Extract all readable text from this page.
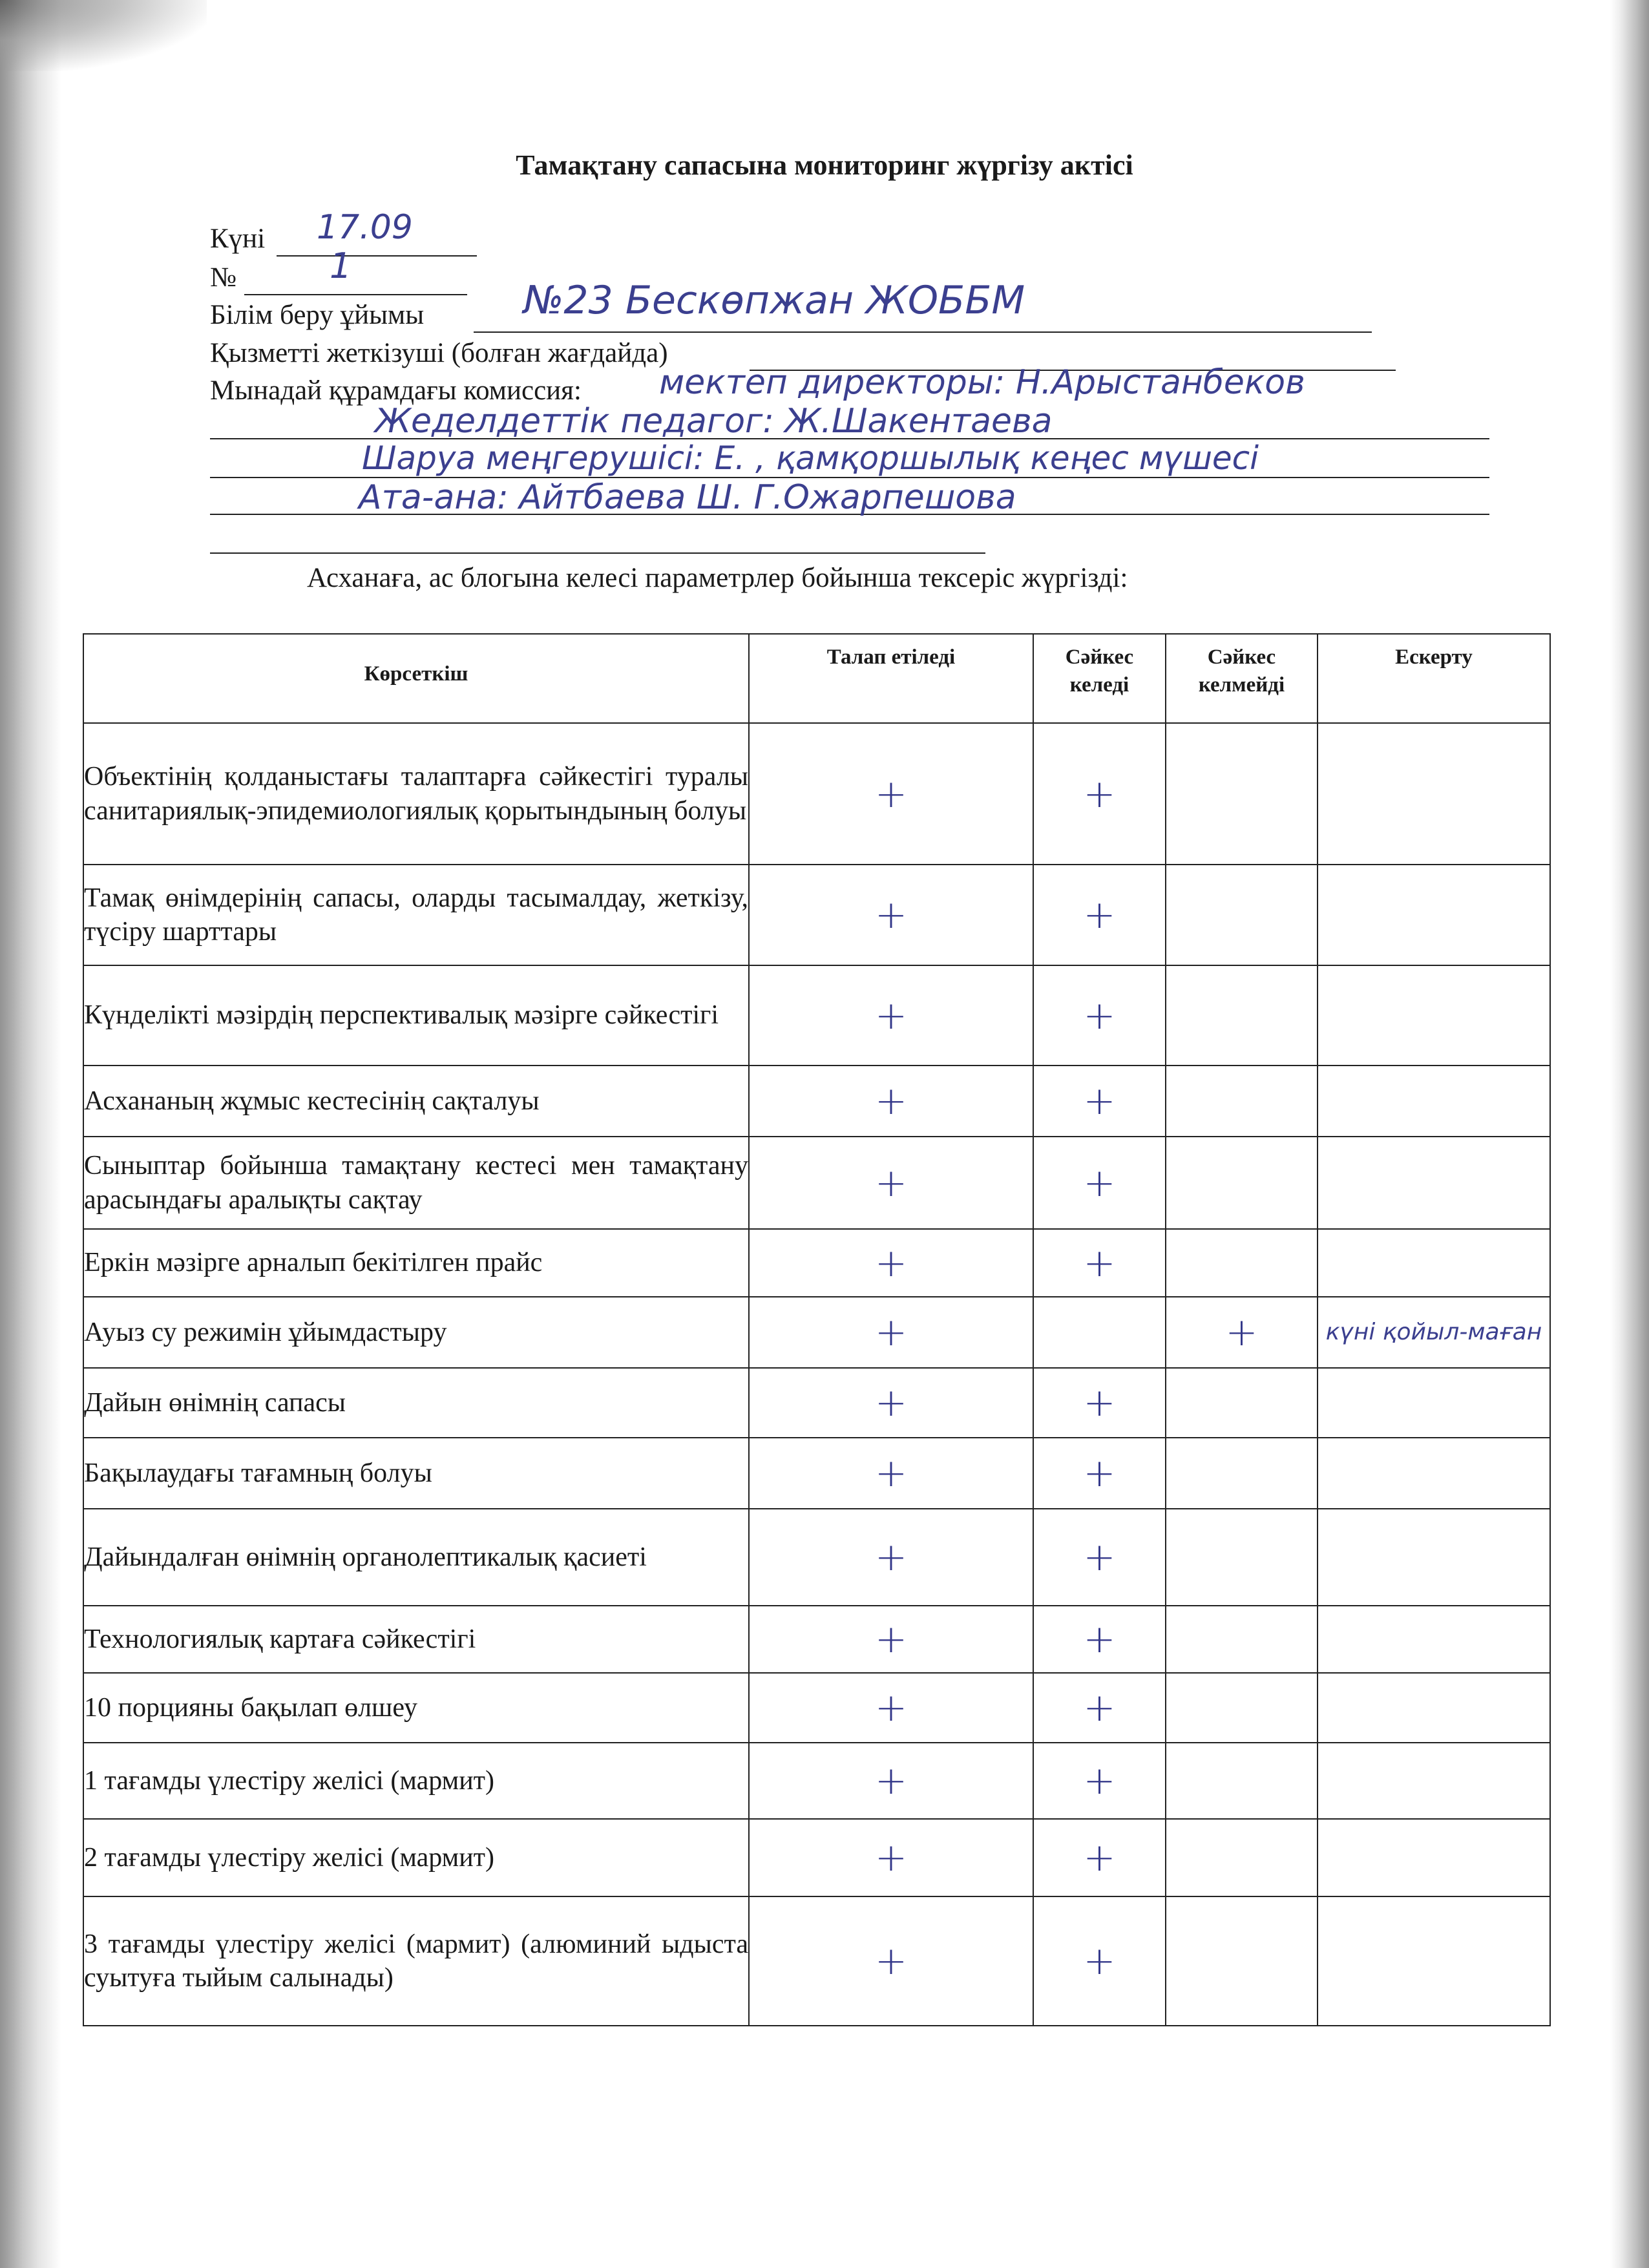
Тамақтану сапасына мониторинг жүргізу актісі
Күні 17.09
№	1
Білім беру ұйымы	№23 Бескөпжан ЖОББМ
Қызметті жеткізуші (болған жағдайда)
Мынадай құрамдағы комиссия: мектеп директоры: Н.Арыстанбеков
Жеделдеттік педагог: Ж.Шакентаева
Шаруа меңгерушісі: Е. , қамқоршылық кеңес мүшесі
Ата-ана: Айтбаева Ш. Г.Ожарпешова
Асханаға, ас блогына келесі параметрлер бойынша тексеріс жүргізді:
Көрсеткіш	Талап етіледі	Сәйкес келеді	Сәйкес келмейді	Ескерту
Объектінің қолданыстағы талаптарға сәйкестігі туралы санитариялық-эпидемиологиялық қорытындының болуы	+	+		
Тамақ өнімдерінің сапасы, оларды тасымалдау, жеткізу, түсіру шарттары	+	+		
Күнделікті мәзірдің перспективалық мәзірге сәйкестігі	+	+		
Асхананың жұмыс кестесінің сақталуы	+	+		
Сыныптар бойынша тамақтану кестесі мен тамақтану арасындағы аралықты сақтау	+	+		
Еркін мәзірге арналып бекітілген прайс	+	+		
Ауыз су режимін ұйымдастыру	+		+	күні қойыл-маған
Дайын өнімнің сапасы	+	+		
Бақылаудағы тағамның болуы	+	+		
Дайындалған өнімнің органолептикалық қасиеті	+	+		
Технологиялық картаға сәйкестігі	+	+		
10 порцияны бақылап өлшеу	+	+		
1 тағамды үлестіру желісі (мармит)	+	+		
2 тағамды үлестіру желісі (мармит)	+	+		
3 тағамды үлестіру желісі (мармит) (алюминий ыдыста суытуға тыйым салынады)	+	+		
